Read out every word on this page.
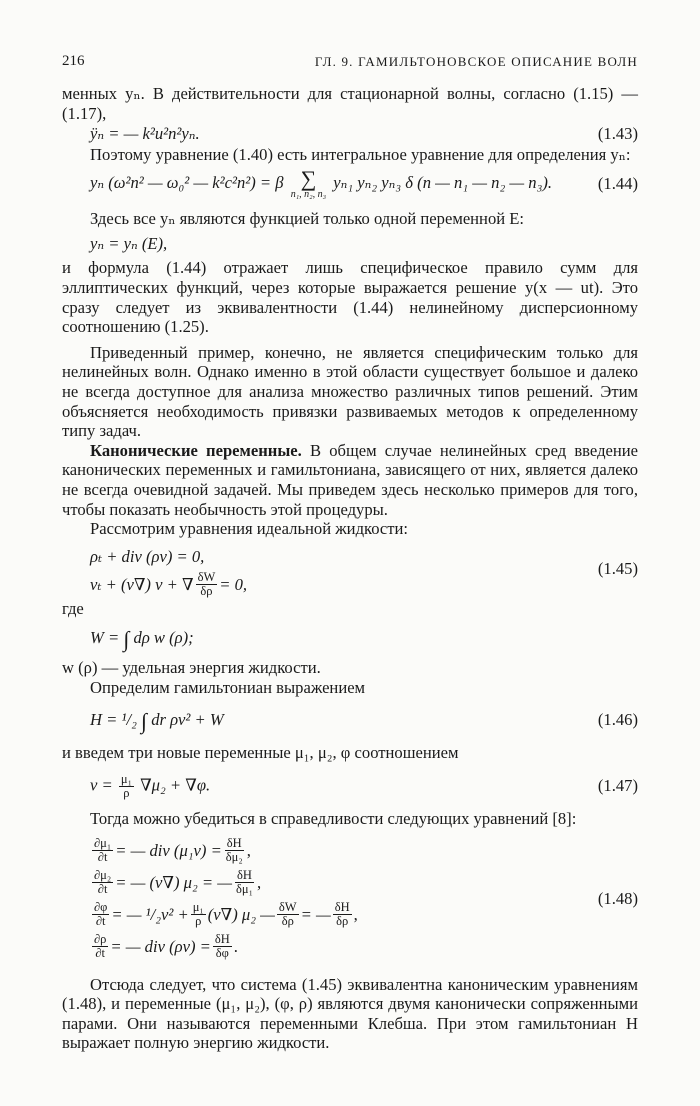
216	ГЛ. 9. ГАМИЛЬТОНОВСКОЕ ОПИСАНИЕ ВОЛН

менных yₙ. В действительности для стационарной волны, согласно (1.15) — (1.17),

ÿₙ = — k²u²n²yₙ.	(1.43)

Поэтому уравнение (1.40) есть интегральное уравнение для определения yₙ:

yₙ (ω²n² — ω₀² — k²c²n²) = β ∑
n₁, n₂, n₃
yₙ₁ yₙ₂ yₙ₃ δ (n — n₁ — n₂ — n₃).	(1.44)

Здесь все yₙ являются функцией только одной переменной E:

yₙ = yₙ (E),

и формула (1.44) отражает лишь специфическое правило сумм для эллиптических функций, через которые выражается решение y(x — ut). Это сразу следует из эквивалентности (1.44) нелинейному дисперсионному соотношению (1.25).

Приведенный пример, конечно, не является специфическим только для нелинейных волн. Однако именно в этой области существует большое и далеко не всегда доступное для анализа множество различных типов решений. Этим объясняется необходимость привязки развиваемых методов к определенному типу задач.

Канонические переменные. В общем случае нелинейных сред введение канонических переменных и гамильтониана, зависящего от них, является далеко не всегда очевидной задачей. Мы приведем здесь несколько примеров для того, чтобы показать необычность этой процедуры.

Рассмотрим уравнения идеальной жидкости:

ρₜ + div (ρv) = 0,
vₜ + (v∇) v + ∇ $\frac{\delta W}{\delta\rho} = 0$,
(1.45)

где

W = ∫ dρ w (ρ);

w (ρ) — удельная энергия жидкости.

Определим гамильтониан выражением

H = ¹/₂ ∫ dr ρv² + W	(1.46)

и введем три новые переменные μ₁, μ₂, φ соотношением

$v = \frac{\text{μ₁}}{\rho} \nabla\mu_2 + \nabla\varphi$.	(1.47)

Тогда можно убедиться в справедливости следующих уравнений [8]:

$\frac{\text{∂μ₁}}{\partial t}$ = — div $(\mu_1v) = \frac{\delta H}{\text{δμ₂}}$ ,
$\frac{\text{∂μ₂}}{\partial t}$ = — (v∇) μ₂ = — $\frac{\delta H}{\text{δμ₁}}$ ,
$\frac{\partial\varphi}{\partial t}$ = — $^1/_2v^2 + \frac{\text{μ₁}}{\rho} (v\nabla)$ μ₂ — $\frac{\delta W}{\delta\rho}$ = — $\frac{\delta H}{\delta\rho}$ ,
$\frac{\partial\rho}{\partial t}$ = — div $(\rho v) = \frac{\delta H}{\delta\varphi}$ .
(1.48)

Отсюда следует, что система (1.45) эквивалентна каноническим уравнениям (1.48), и переменные (μ₁, μ₂), (φ, ρ) являются двумя канонически сопряженными парами. Они называются переменными Клебша. При этом гамильтониан H выражает полную энергию жидкости.
